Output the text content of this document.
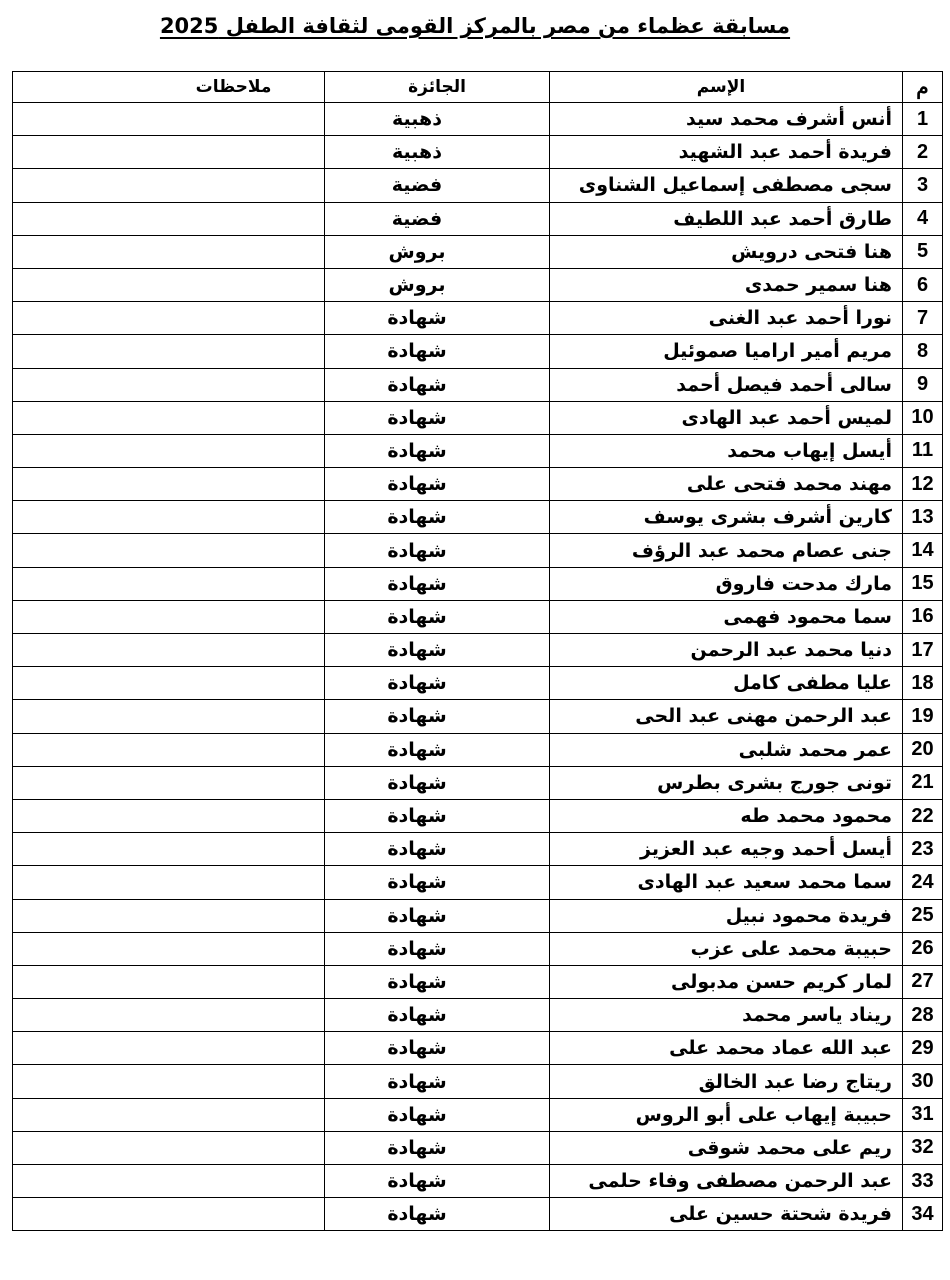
مسابقة عظماء من مصر بالمركز القومى لثقافة الطفل 2025
م	الإسم	الجائزة	ملاحظات
1	أنس أشرف محمد سيد	ذهبية	
2	فريدة أحمد عبد الشهيد	ذهبية	
3	سجى مصطفى إسماعيل الشناوى	فضية	
4	طارق أحمد عبد اللطيف	فضية	
5	هنا فتحى درويش	بروش	
6	هنا سمير حمدى	بروش	
7	نورا أحمد عبد الغنى	شهادة	
8	مريم أمير اراميا صموئيل	شهادة	
9	سالى أحمد فيصل أحمد	شهادة	
10	لميس أحمد عبد الهادى	شهادة	
11	أيسل إيهاب محمد	شهادة	
12	مهند محمد فتحى على	شهادة	
13	كارين أشرف بشرى يوسف	شهادة	
14	جنى عصام محمد عبد الرؤف	شهادة	
15	مارك مدحت فاروق	شهادة	
16	سما محمود فهمى	شهادة	
17	دنيا محمد عبد الرحمن	شهادة	
18	عليا مطفى كامل	شهادة	
19	عبد الرحمن مهنى عبد الحى	شهادة	
20	عمر محمد شلبى	شهادة	
21	تونى جورج بشرى بطرس	شهادة	
22	محمود محمد طه	شهادة	
23	أيسل أحمد وجيه عبد العزيز	شهادة	
24	سما محمد سعيد عبد الهادى	شهادة	
25	فريدة محمود نبيل	شهادة	
26	حبيبة محمد على عزب	شهادة	
27	لمار كريم حسن مدبولى	شهادة	
28	ريناد ياسر محمد	شهادة	
29	عبد الله عماد محمد على	شهادة	
30	ريتاج رضا عبد الخالق	شهادة	
31	حبيبة إيهاب على أبو الروس	شهادة	
32	ريم على محمد شوقى	شهادة	
33	عبد الرحمن مصطفى وفاء حلمى	شهادة	
34	فريدة شحتة حسين على	شهادة	
